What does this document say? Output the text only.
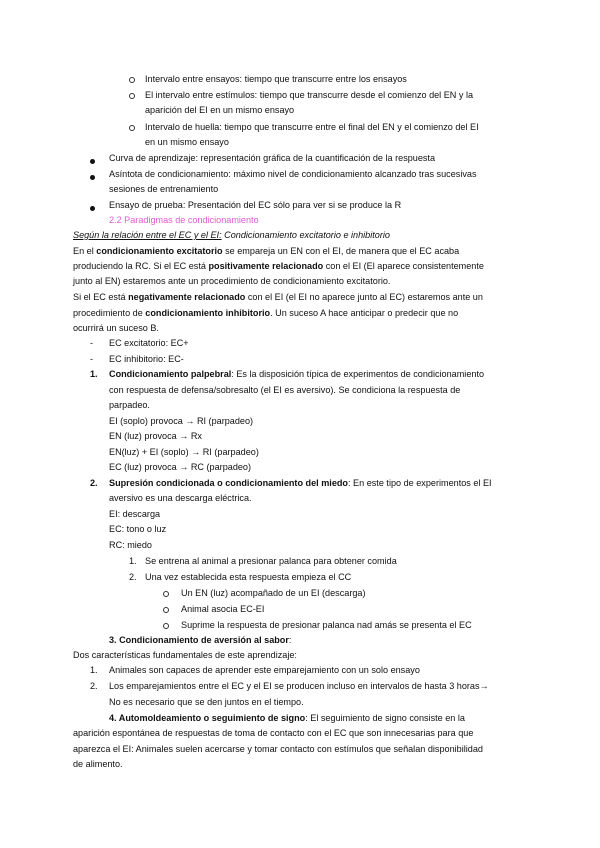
Intervalo entre ensayos: tiempo que transcurre entre los ensayos
El intervalo entre estímulos: tiempo que transcurre desde el comienzo del EN y la
aparición del EI en un mismo ensayo
Intervalo de huella: tiempo que transcurre entre el final del EN y el comienzo del EI
en un mismo ensayo
Curva de aprendizaje: representación gráfica de la cuantificación de la respuesta
Asíntota de condicionamiento: máximo nivel de condicionamiento alcanzado tras sucesivas
sesiones de entrenamiento
Ensayo de prueba: Presentación del EC sólo para ver si se produce la R
2.2 Paradigmas de condicionamiento
Según la relación entre el EC y el EI: Condicionamiento excitatorio e inhibitorio
En el condicionamiento excitatorio se empareja un EN con el EI, de manera que el EC acaba
produciendo la RC. Si el EC está positivamente relacionado con el EI (El aparece consistentemente
junto al EN) estaremos ante un procedimiento de condicionamiento excitatorio.
Si el EC está negativamente relacionado con el EI (el EI no aparece junto al EC) estaremos ante un
procedimiento de condicionamiento inhibitorio. Un suceso A hace anticipar o predecir que no
ocurrirá un suceso B.
- EC excitatorio: EC+
- EC inhibitorio: EC-
1. Condicionamiento palpebral: Es la disposición típica de experimentos de condicionamiento
con respuesta de defensa/sobresalto (el EI es aversivo). Se condiciona la respuesta de
parpadeo.
EI (soplo) provoca → RI (parpadeo)
EN (luz) provoca → Rx
EN(luz) + EI (soplo) → RI (parpadeo)
EC (luz) provoca → RC (parpadeo)
2. Supresión condicionada o condicionamiento del miedo: En este tipo de experimentos el EI
aversivo es una descarga eléctrica.
EI: descarga
EC: tono o luz
RC: miedo
1. Se entrena al animal a presionar palanca para obtener comida
2. Una vez establecida esta respuesta empieza el CC
Un EN (luz) acompañado de un EI (descarga)
Animal asocia EC-EI
Suprime la respuesta de presionar palanca nad amás se presenta el EC
3. Condicionamiento de aversión al sabor:
Dos características fundamentales de este aprendizaje:
1. Animales son capaces de aprender este emparejamiento con un solo ensayo
2. Los emparejamientos entre el EC y el EI se producen incluso en intervalos de hasta 3 horas→
No es necesario que se den juntos en el tiempo.
4. Automoldeamiento o seguimiento de signo: El seguimiento de signo consiste en la
aparición espontánea de respuestas de toma de contacto con el EC que son innecesarias para que
aparezca el EI: Animales suelen acercarse y tomar contacto con estímulos que señalan disponibilidad
de alimento.
